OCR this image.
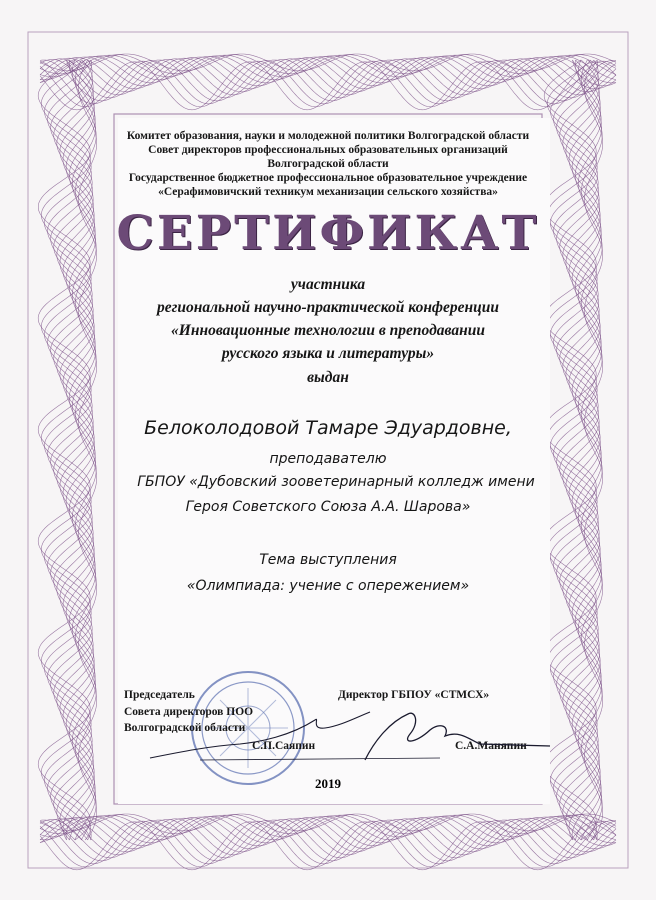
Комитет образования, науки и молодежной политики Волгоградской области
Совет директоров профессиональных образовательных организаций
Волгоградской области
Государственное бюджетное профессиональное образовательное учреждение
«Серафимовичский техникум механизации сельского хозяйства»
СЕРТИФИКАТ
участника
региональной научно-практической конференции
«Инновационные технологии в преподавании
русского языка и литературы»
выдан
Белоколодовой Тамаре Эдуардовне,
преподавателю
ГБПОУ «Дубовский зооветеринарный колледж имени
Героя Советского Союза А.А. Шарова»
Тема выступления
«Олимпиада: учение с опережением»
Председатель
Совета директоров ПОО
Волгоградской области
С.П.Саяпин
Директор ГБПОУ «СТМСХ»
С.А.Маняпин
2019
